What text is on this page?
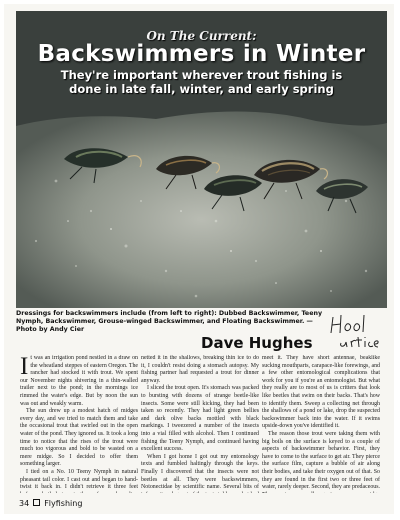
On The Current:
Backswimmers in Winter
They're important wherever trout fishing is done in late fall, winter, and early spring
Dressings for backswimmers include (from left to right): Dubbed Backswimmer, Teeny Nymph, Backswimmer, Grouse-winged Backswimmer, and Floating Backswimmer. — Photo by Andy Cier
Dave Hughes

It was an irrigation pond nestled in a draw on the wheatland steppes of eastern Oregon. The rancher had stocked it with trout. We spent our November nights shivering in a thin-walled trailer next to the pond; in the mornings ice rimmed the water's edge. But by noon the sun was out and weakly warm.

The sun drew up a modest hatch of midges every day, and we tried to match them and take the occasional trout that swirled out in the open water of the pond. They ignored us. It took a long time to notice that the rises of the trout were much too vigorous and bold to be wasted on a mere midge. So I decided to offer them something larger.

I tied on a No. 10 Teeny Nymph in natural pheasant tail color. I cast out and began to hand-twist it back in. I didn't retrieve it three feet

netted it in the shallows, breaking thin ice to do it, I couldn't resist doing a stomach autopsy. My fishing partner had requested a trout for dinner anyway.

I sliced the trout open. It's stomach was packed to bursting with dozens of strange beetle-like insects. Some were still kicking, they had been taken so recently. They had light green bellies and dark olive backs mottled with black markings. I tweezered a number of the insects into a vial filled with alcohol. Then I continued fishing the Teeny Nymph, and continued having excellent success.

When I got home I got out my entomology texts and fumbled haltingly through the keys. Finally I discovered that the insects were not beetles at all. They were backswimmers, Notonectidae by scientific name. Several bits of

meet it. They have short antennae, beaklike sucking mouthparts, carapace-like forewings, and a few other entomological complications that work for you if you're an entomologist. But what they really are to most of us is critters that look like beetles that swim on their backs. That's how to identify them. Sweep a collecting net through the shallows of a pond or lake, drop the suspected backswimmer back into the water. If it swims upside-down you've identified it.

The reason those trout were taking them with big boils on the surface is keyed to a couple of aspects of backswimmer behavior. First, they have to come to the surface to get air. They pierce the surface film, capture a bubble of air along their bodies, and take their oxygen out of that. So they are found in the first two or three feet of water, rarely deeper. Second, they are predaceous.

34 Flyfishing
